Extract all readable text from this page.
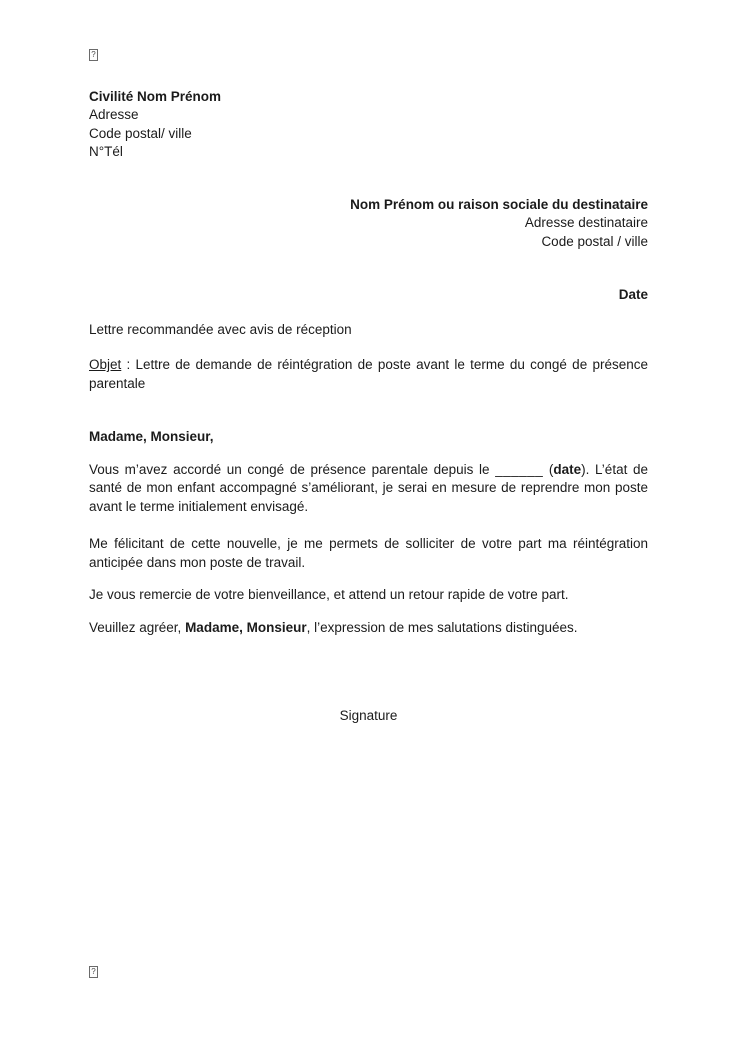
?
Civilité Nom Prénom
Adresse
Code postal/ ville
N°Tél
Nom Prénom ou raison sociale du destinataire
Adresse destinataire
Code postal / ville
Date
Lettre recommandée avec avis de réception
Objet : Lettre de demande de réintégration de poste avant le terme du congé de présence parentale
Madame, Monsieur,

Vous m’avez accordé un congé de présence parentale depuis le ______ (date). L’état de santé de mon enfant accompagné s’améliorant, je serai en mesure de reprendre mon poste avant le terme initialement envisagé.

Me félicitant de cette nouvelle, je me permets de solliciter de votre part ma réintégration anticipée dans mon poste de travail.

Je vous remercie de votre bienveillance, et attend un retour rapide de votre part.

Veuillez agréer, Madame, Monsieur, l’expression de mes salutations distinguées.

Signature
?
